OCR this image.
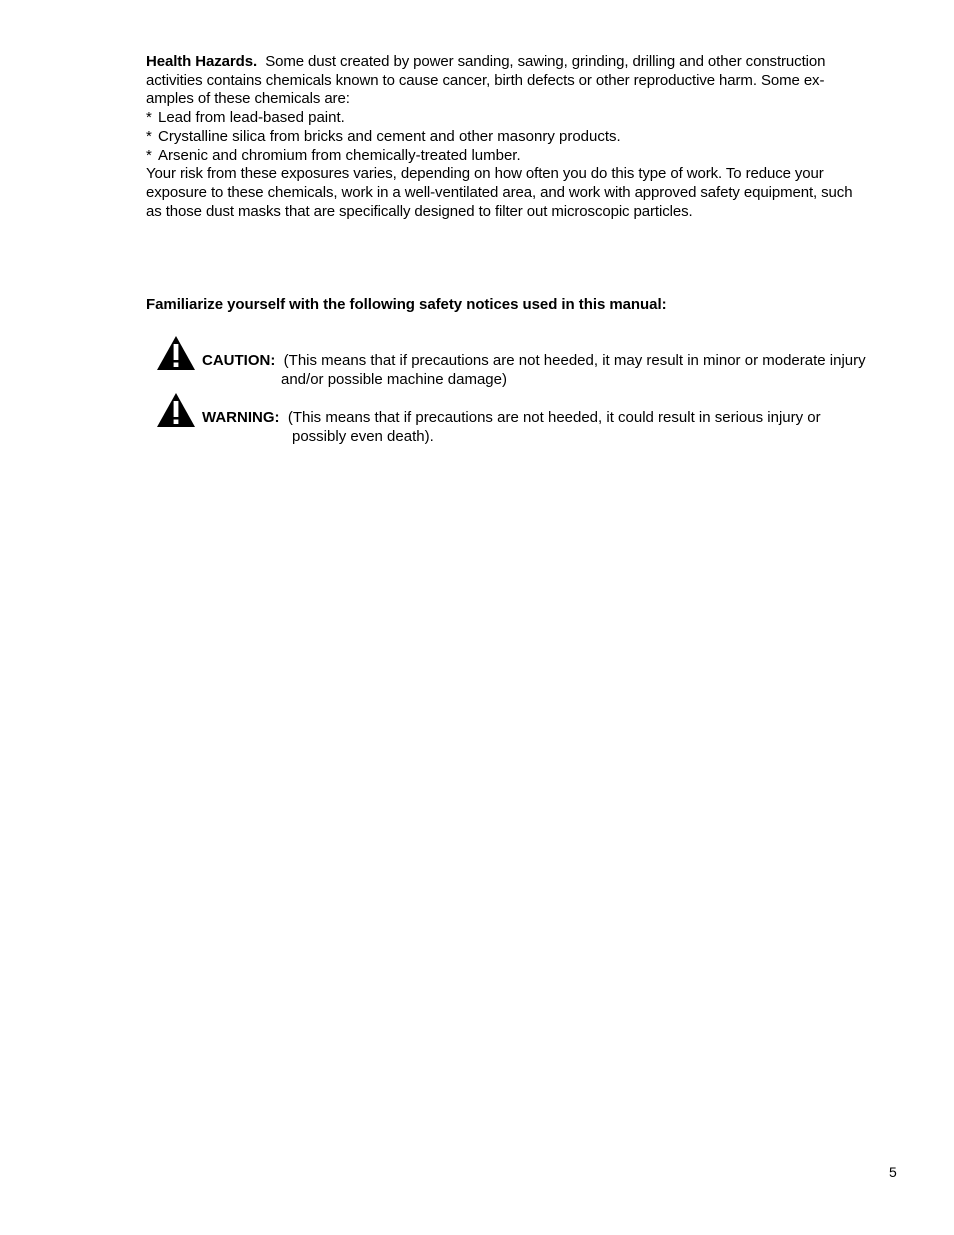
Health Hazards. Some dust created by power sanding, sawing, grinding, drilling and other construction

activities contains chemicals known to cause cancer, birth defects or other reproductive harm. Some ex-

amples of these chemicals are:

* Lead from lead-based paint.
* Crystalline silica from bricks and cement and other masonry products.
* Arsenic and chromium from chemically-treated lumber.

Your risk from these exposures varies, depending on how often you do this type of work. To reduce your

exposure to these chemicals, work in a well-ventilated area, and work with approved safety equipment, such

as those dust masks that are specifically designed to filter out microscopic particles.

Familiarize yourself with the following safety notices used in this manual:

CAUTION: (This means that if precautions are not heeded, it may result in minor or moderate injury
and/or possible machine damage)
WARNING: (This means that if precautions are not heeded, it could result in serious injury or
possibly even death).
5
